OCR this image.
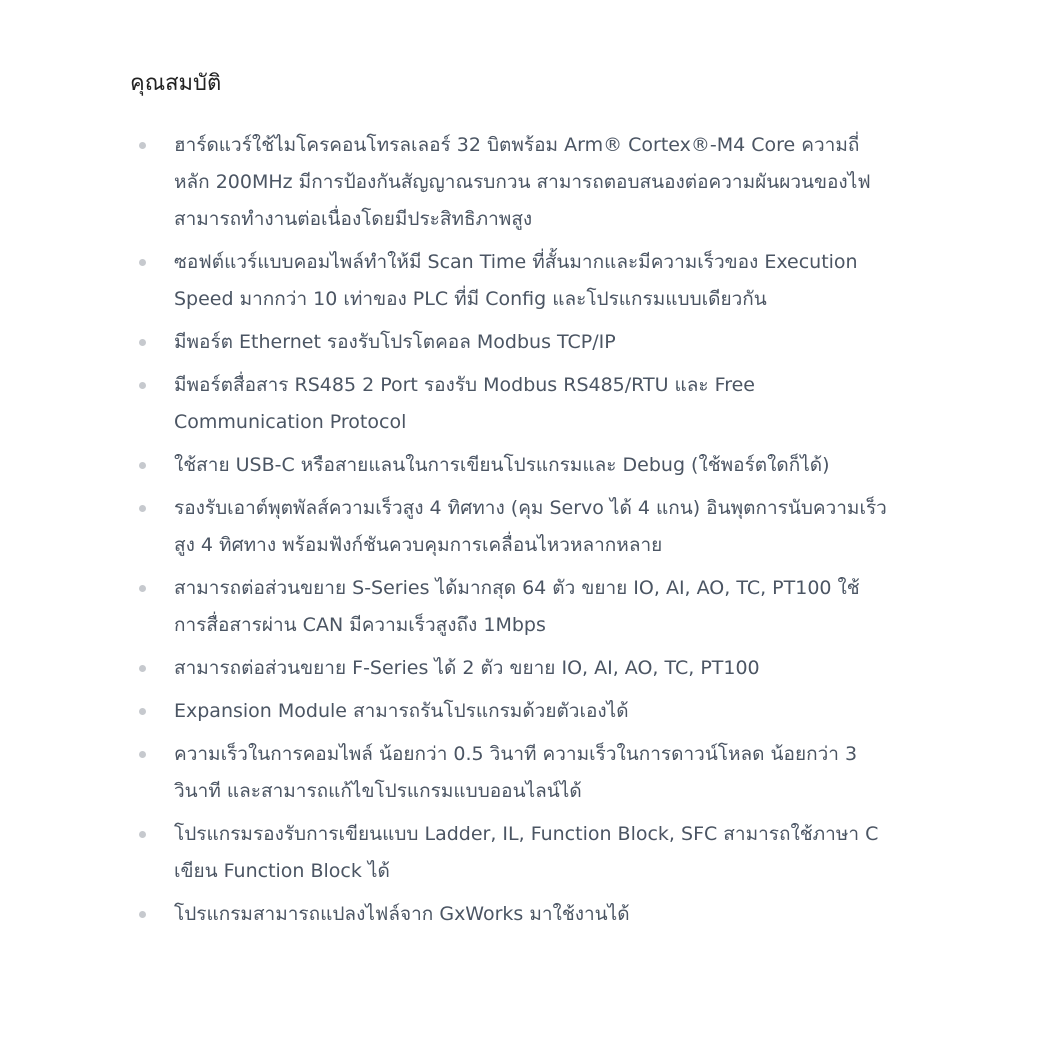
คุณสมบัติ
ฮาร์ดแวร์ใช้ไมโครคอนโทรลเลอร์ 32 บิตพร้อม Arm® Cortex®-M4 Core ความถี่หลัก 200MHz มีการป้องกันสัญญาณรบกวน สามารถตอบสนองต่อความผันผวนของไฟ สามารถทำงานต่อเนื่องโดยมีประสิทธิภาพสูง
ซอฟต์แวร์แบบคอมไพล์ทำให้มี Scan Time ที่สั้นมากและมีความเร็วของ Execution Speed มากกว่า 10 เท่าของ PLC ที่มี Config และโปรแกรมแบบเดียวกัน
มีพอร์ต Ethernet รองรับโปรโตคอล Modbus TCP/IP
มีพอร์ตสื่อสาร RS485 2 Port รองรับ Modbus RS485/RTU และ Free Communication Protocol
ใช้สาย USB-C หรือสายแลนในการเขียนโปรแกรมและ Debug (ใช้พอร์ตใดก็ได้)
รองรับเอาต์พุตพัลส์ความเร็วสูง 4 ทิศทาง (คุม Servo ได้ 4 แกน) อินพุตการนับความเร็วสูง 4 ทิศทาง พร้อมฟังก์ชันควบคุมการเคลื่อนไหวหลากหลาย
สามารถต่อส่วนขยาย S-Series ได้มากสุด 64 ตัว ขยาย IO, AI, AO, TC, PT100 ใช้การสื่อสารผ่าน CAN มีความเร็วสูงถึง 1Mbps
สามารถต่อส่วนขยาย F-Series ได้ 2 ตัว ขยาย IO, AI, AO, TC, PT100
Expansion Module สามารถรันโปรแกรมด้วยตัวเองได้
ความเร็วในการคอมไพล์ น้อยกว่า 0.5 วินาที ความเร็วในการดาวน์โหลด น้อยกว่า 3 วินาที และสามารถแก้ไขโปรแกรมแบบออนไลน์ได้
โปรแกรมรองรับการเขียนแบบ Ladder, IL, Function Block, SFC สามารถใช้ภาษา C เขียน Function Block ได้
โปรแกรมสามารถแปลงไฟล์จาก GxWorks มาใช้งานได้
